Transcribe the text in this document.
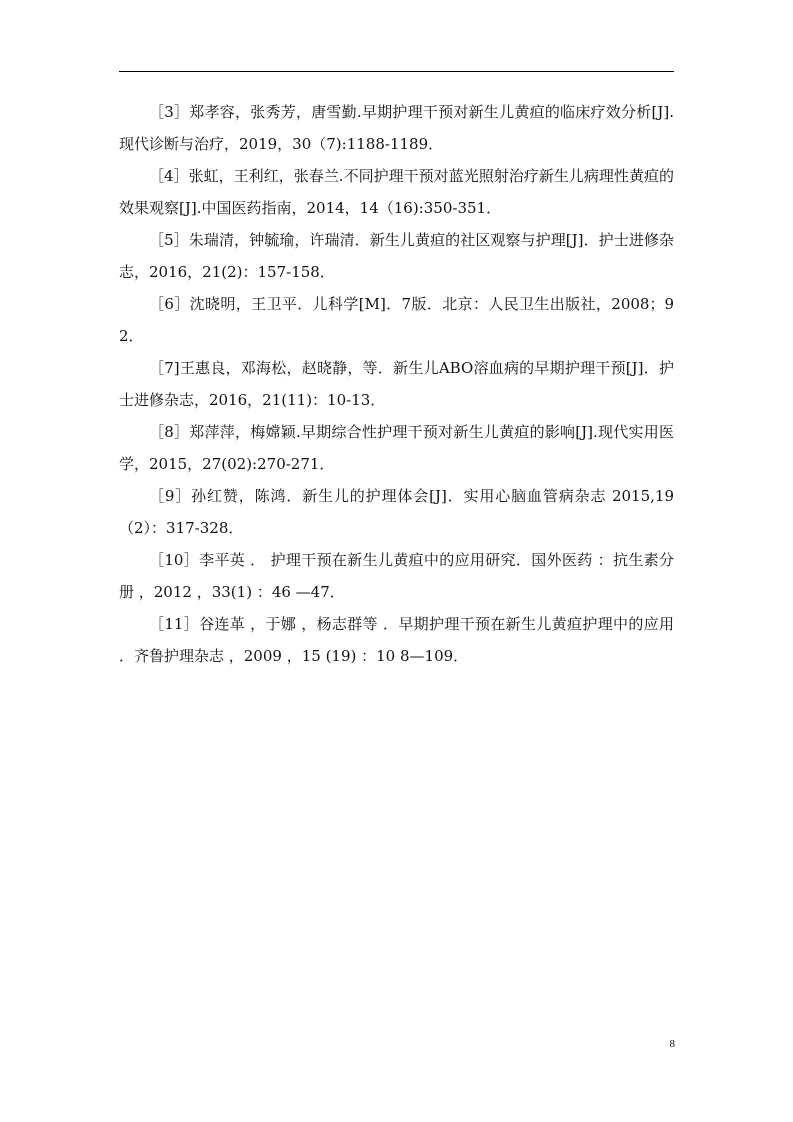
［3］郑孝容，张秀芳，唐雪勤.早期护理干预对新生儿黄疸的临床疗效分析[J].现代诊断与治疗，2019，30（7):1188-1189．
［4］张虹，王利红，张春兰.不同护理干预对蓝光照射治疗新生儿病理性黄疸的效果观察[J].中国医药指南，2014，14（16):350-351．
［5］朱瑞清，钟毓瑜，许瑞清．新生儿黄疸的社区观察与护理[J]．护士进修杂志，2016，21(2)：157-158．
［6］沈晓明，王卫平．儿科学[M]．7版．北京：人民卫生出版社，2008；92．
［7]王惠良，邓海松，赵晓静，等．新生儿ABO溶血病的早期护理干预[J]．护士进修杂志，2016，21(11)：10-13．
［8］郑萍萍，梅嫦颖.早期综合性护理干预对新生儿黄疸的影响[J].现代实用医学，2015，27(02):270-271．
［9］孙红赞，陈鸿．新生儿的护理体会[J]．实用心脑血管病杂志 2015,19（2）：317-328．
［10］李平英 ． 护理干预在新生儿黄疸中的应用研究．国外医药 ：抗生素分册 ，2012 ，33(1) ：46 —47．
［11］谷连革 ，于娜 ，杨志群等 ．早期护理干预在新生儿黄疸护理中的应用 ．齐鲁护理杂志 ，2009 ，15 (19) ：10 8—109．
8
